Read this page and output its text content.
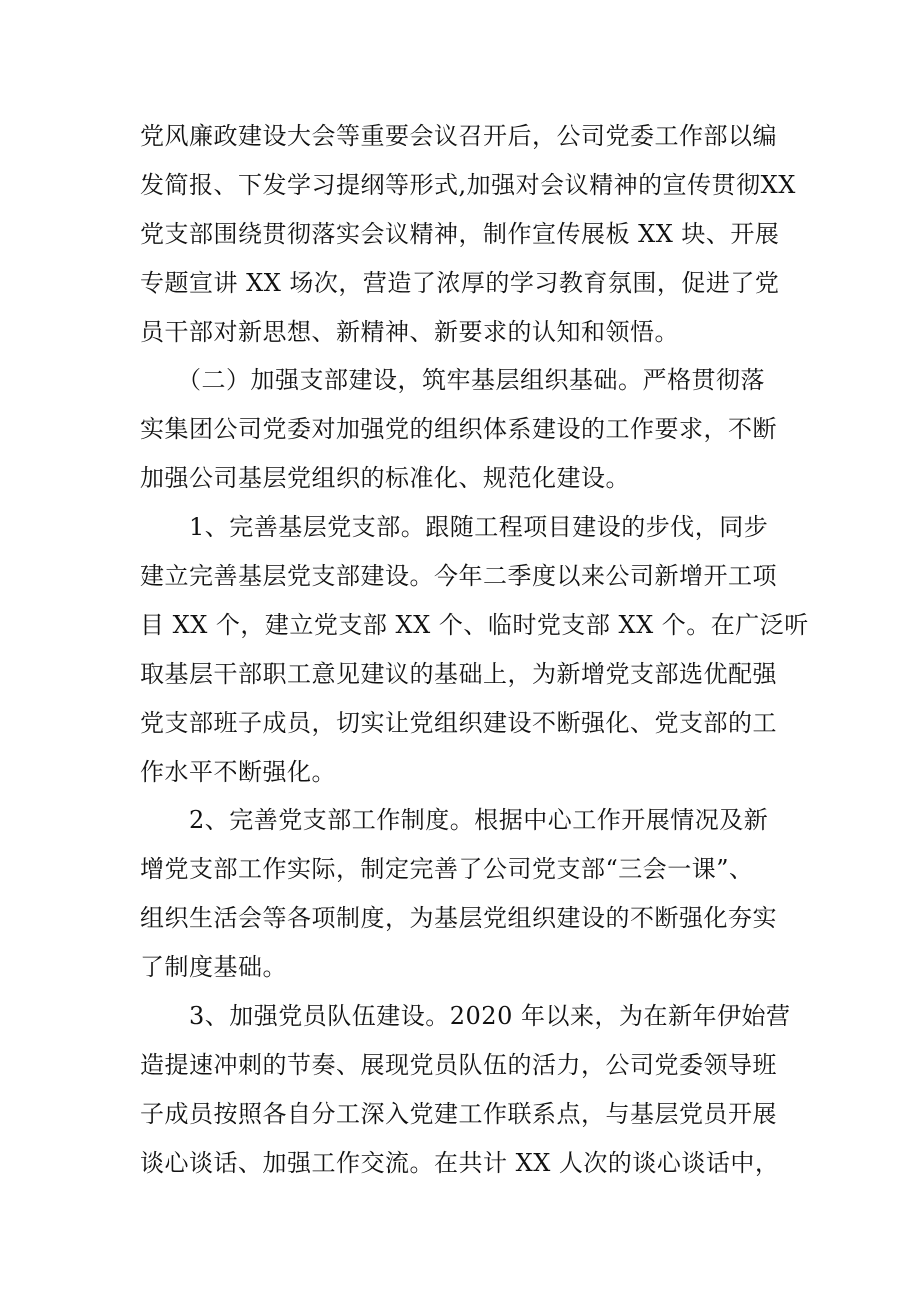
党风廉政建设大会等重要会议召开后，公司党委工作部以编
发简报、下发学习提纲等形式,加强对会议精神的宣传贯彻XX
党支部围绕贯彻落实会议精神，制作宣传展板 XX 块、开展
专题宣讲 XX 场次，营造了浓厚的学习教育氛围，促进了党
员干部对新思想、新精神、新要求的认知和领悟。
　　（二）加强支部建设，筑牢基层组织基础。严格贯彻落
实集团公司党委对加强党的组织体系建设的工作要求，不断
加强公司基层党组织的标准化、规范化建设。
　　1、完善基层党支部。跟随工程项目建设的步伐，同步
建立完善基层党支部建设。今年二季度以来公司新增开工项
目 XX 个，建立党支部 XX 个、临时党支部 XX 个。在广泛听
取基层干部职工意见建议的基础上，为新增党支部选优配强
党支部班子成员，切实让党组织建设不断强化、党支部的工
作水平不断强化。
　　2、完善党支部工作制度。根据中心工作开展情况及新
增党支部工作实际，制定完善了公司党支部“三会一课”、
组织生活会等各项制度，为基层党组织建设的不断强化夯实
了制度基础。
　　3、加强党员队伍建设。2020 年以来，为在新年伊始营
造提速冲刺的节奏、展现党员队伍的活力，公司党委领导班
子成员按照各自分工深入党建工作联系点，与基层党员开展
谈心谈话、加强工作交流。在共计 XX 人次的谈心谈话中，
